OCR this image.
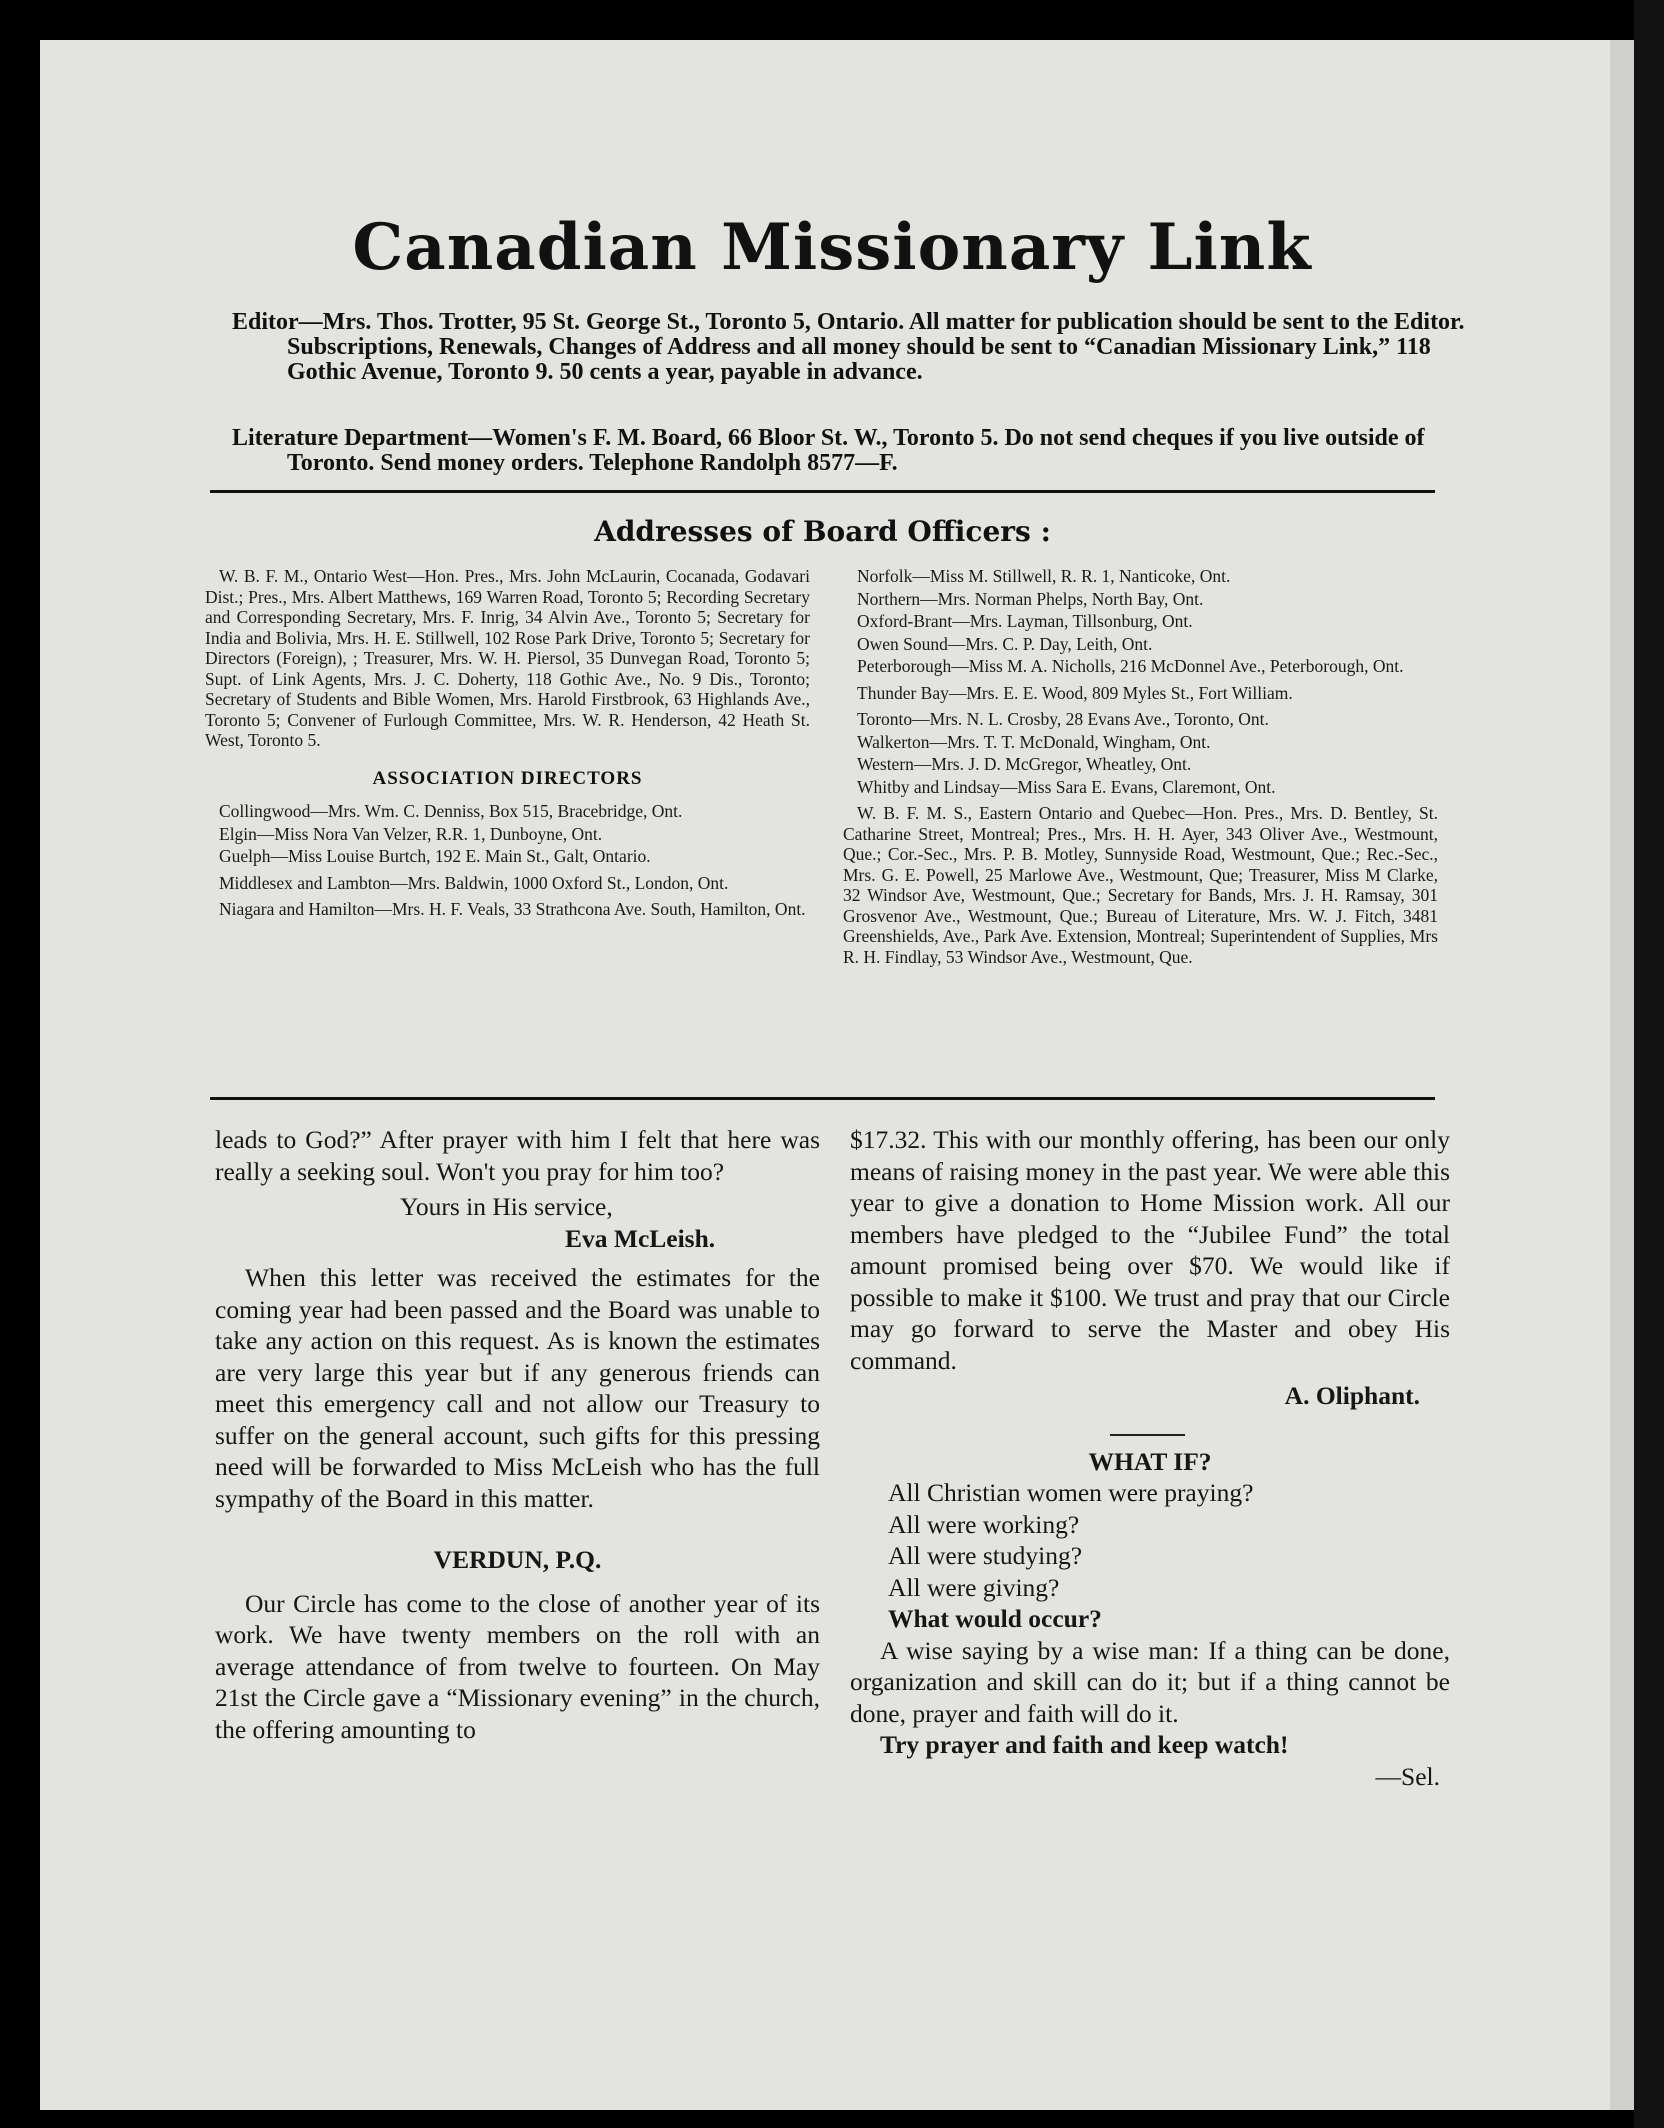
Canadian Missionary Link
Editor—Mrs. Thos. Trotter, 95 St. George St., Toronto 5, Ontario. All matter for publication should be sent to the Editor. Subscriptions, Renewals, Changes of Address and all money should be sent to “Canadian Missionary Link,” 118 Gothic Avenue, Toronto 9. 50 cents a year, payable in advance.
Literature Department—Women's F. M. Board, 66 Bloor St. W., Toronto 5. Do not send cheques if you live outside of Toronto. Send money orders. Telephone Randolph 8577—F.
Addresses of Board Officers :

W. B. F. M., Ontario West—Hon. Pres., Mrs. John McLaurin, Cocanada, Godavari Dist.; Pres., Mrs. Albert Matthews, 169 Warren Road, Toronto 5; Recording Secretary and Corresponding Secretary, Mrs. F. Inrig, 34 Alvin Ave., Toronto 5; Secretary for India and Bolivia, Mrs. H. E. Stillwell, 102 Rose Park Drive, Toronto 5; Secretary for Directors (Foreign), ; Treasurer, Mrs. W. H. Piersol, 35 Dunvegan Road, Toronto 5; Supt. of Link Agents, Mrs. J. C. Doherty, 118 Gothic Ave., No. 9 Dis., Toronto; Secretary of Students and Bible Women, Mrs. Harold Firstbrook, 63 Highlands Ave., Toronto 5; Convener of Furlough Committee, Mrs. W. R. Henderson, 42 Heath St. West, Toronto 5.

ASSOCIATION DIRECTORS

Collingwood—Mrs. Wm. C. Denniss, Box 515, Bracebridge, Ont.

Elgin—Miss Nora Van Velzer, R.R. 1, Dunboyne, Ont.

Guelph—Miss Louise Burtch, 192 E. Main St., Galt, Ontario.

Middlesex and Lambton—Mrs. Baldwin, 1000 Oxford St., London, Ont.

Niagara and Hamilton—Mrs. H. F. Veals, 33 Strathcona Ave. South, Hamilton, Ont.

Norfolk—Miss M. Stillwell, R. R. 1, Nanticoke, Ont.

Northern—Mrs. Norman Phelps, North Bay, Ont.

Oxford-Brant—Mrs. Layman, Tillsonburg, Ont.

Owen Sound—Mrs. C. P. Day, Leith, Ont.

Peterborough—Miss M. A. Nicholls, 216 McDonnel Ave., Peterborough, Ont.

Thunder Bay—Mrs. E. E. Wood, 809 Myles St., Fort William.

Toronto—Mrs. N. L. Crosby, 28 Evans Ave., Toronto, Ont.

Walkerton—Mrs. T. T. McDonald, Wingham, Ont.

Western—Mrs. J. D. McGregor, Wheatley, Ont.

Whitby and Lindsay—Miss Sara E. Evans, Claremont, Ont.

W. B. F. M. S., Eastern Ontario and Quebec—Hon. Pres., Mrs. D. Bentley, St. Catharine Street, Montreal; Pres., Mrs. H. H. Ayer, 343 Oliver Ave., Westmount, Que.; Cor.-Sec., Mrs. P. B. Motley, Sunnyside Road, Westmount, Que.; Rec.-Sec., Mrs. G. E. Powell, 25 Marlowe Ave., Westmount, Que; Treasurer, Miss M Clarke, 32 Windsor Ave, Westmount, Que.; Secretary for Bands, Mrs. J. H. Ramsay, 301 Grosvenor Ave., Westmount, Que.; Bureau of Literature, Mrs. W. J. Fitch, 3481 Greenshields, Ave., Park Ave. Extension, Montreal; Superintendent of Supplies, Mrs R. H. Findlay, 53 Windsor Ave., Westmount, Que.

leads to God?” After prayer with him I felt that here was really a seeking soul. Won't you pray for him too?

Yours in His service,

Eva McLeish.

When this letter was received the estimates for the coming year had been passed and the Board was unable to take any action on this request. As is known the estimates are very large this year but if any generous friends can meet this emergency call and not allow our Treasury to suffer on the general account, such gifts for this pressing need will be forwarded to Miss McLeish who has the full sympathy of the Board in this matter.

VERDUN, P.Q.

Our Circle has come to the close of another year of its work. We have twenty members on the roll with an average attendance of from twelve to fourteen. On May 21st the Circle gave a “Missionary evening” in the church, the offering amounting to

$17.32. This with our monthly offering, has been our only means of raising money in the past year. We were able this year to give a donation to Home Mission work. All our members have pledged to the “Jubilee Fund” the total amount promised being over $70. We would like if possible to make it $100. We trust and pray that our Circle may go forward to serve the Master and obey His command.

A. Oliphant.

WHAT IF?

All Christian women were praying?

All were working?

All were studying?

All were giving?

What would occur?

A wise saying by a wise man: If a thing can be done, organization and skill can do it; but if a thing cannot be done, prayer and faith will do it.

Try prayer and faith and keep watch!

—Sel.
